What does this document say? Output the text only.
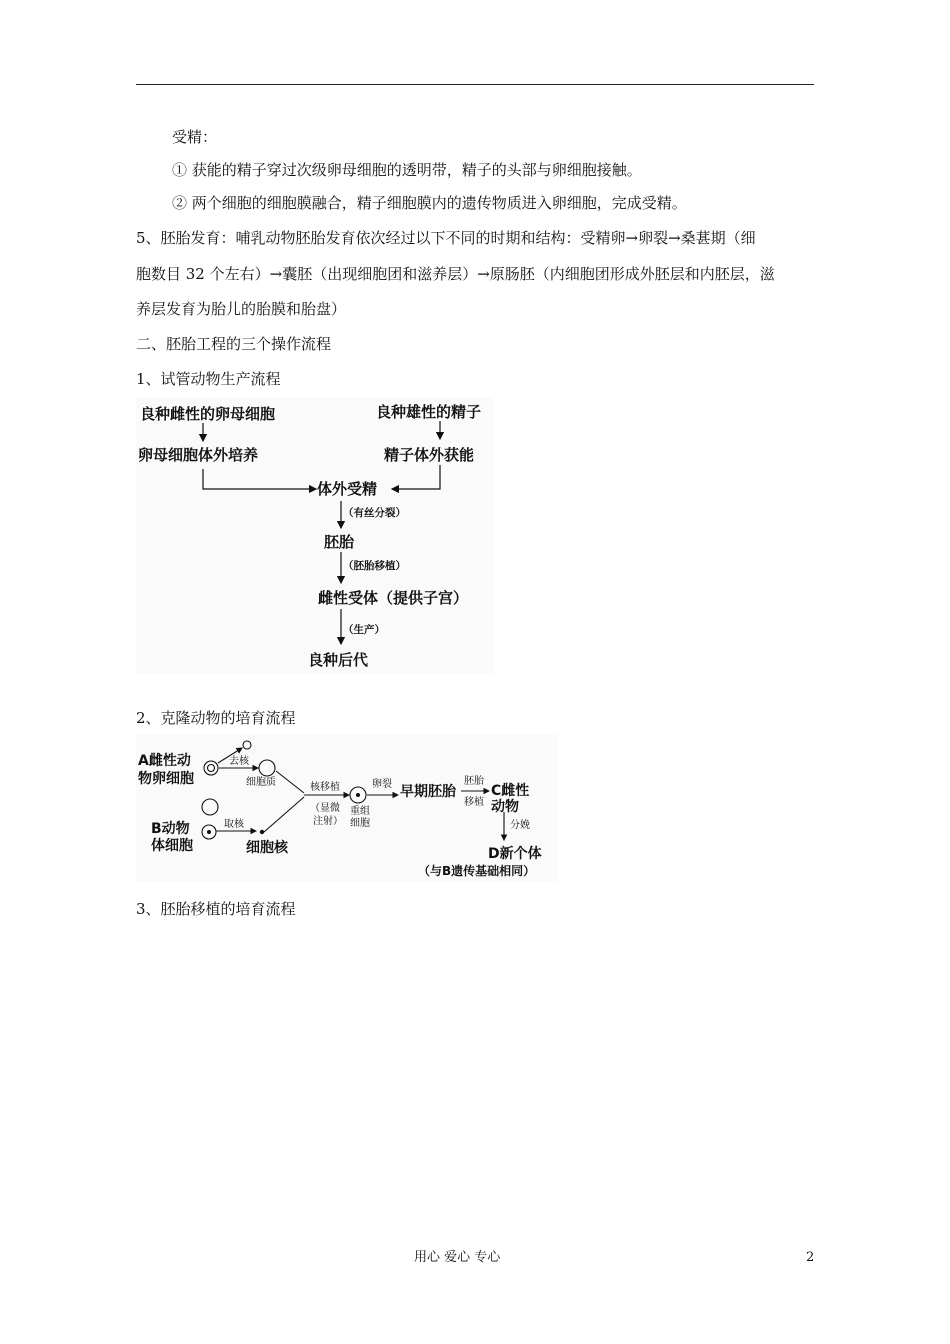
受精：
① 获能的精子穿过次级卵母细胞的透明带，精子的头部与卵细胞接触。
② 两个细胞的细胞膜融合，精子细胞膜内的遗传物质进入卵细胞，完成受精。
5、胚胎发育：哺乳动物胚胎发育依次经过以下不同的时期和结构：受精卵→卵裂→桑葚期（细
胞数目 32 个左右）→囊胚（出现细胞团和滋养层）→原肠胚（内细胞团形成外胚层和内胚层，滋
养层发育为胎儿的胎膜和胎盘）
二、胚胎工程的三个操作流程
1、试管动物生产流程
良种雌性的卵母细胞	良种雄性的精子
卵母细胞体外培养	精子体外获能
体外受精
（有丝分裂）
胚胎
（胚胎移植）
雌性受体（提供子宫）
（生产）
良种后代
2、克隆动物的培育流程
A雌性动
物卵细胞
去核
细胞质
B动物
体细胞
取核
细胞核
核移植
（显微
注射）
重组
细胞
卵裂 早期胚胎
胚胎
移植
C雌性
动物
分娩
D新个体
（与B遗传基础相同）
3、胚胎移植的培育流程
用心 爱心 专心	2
